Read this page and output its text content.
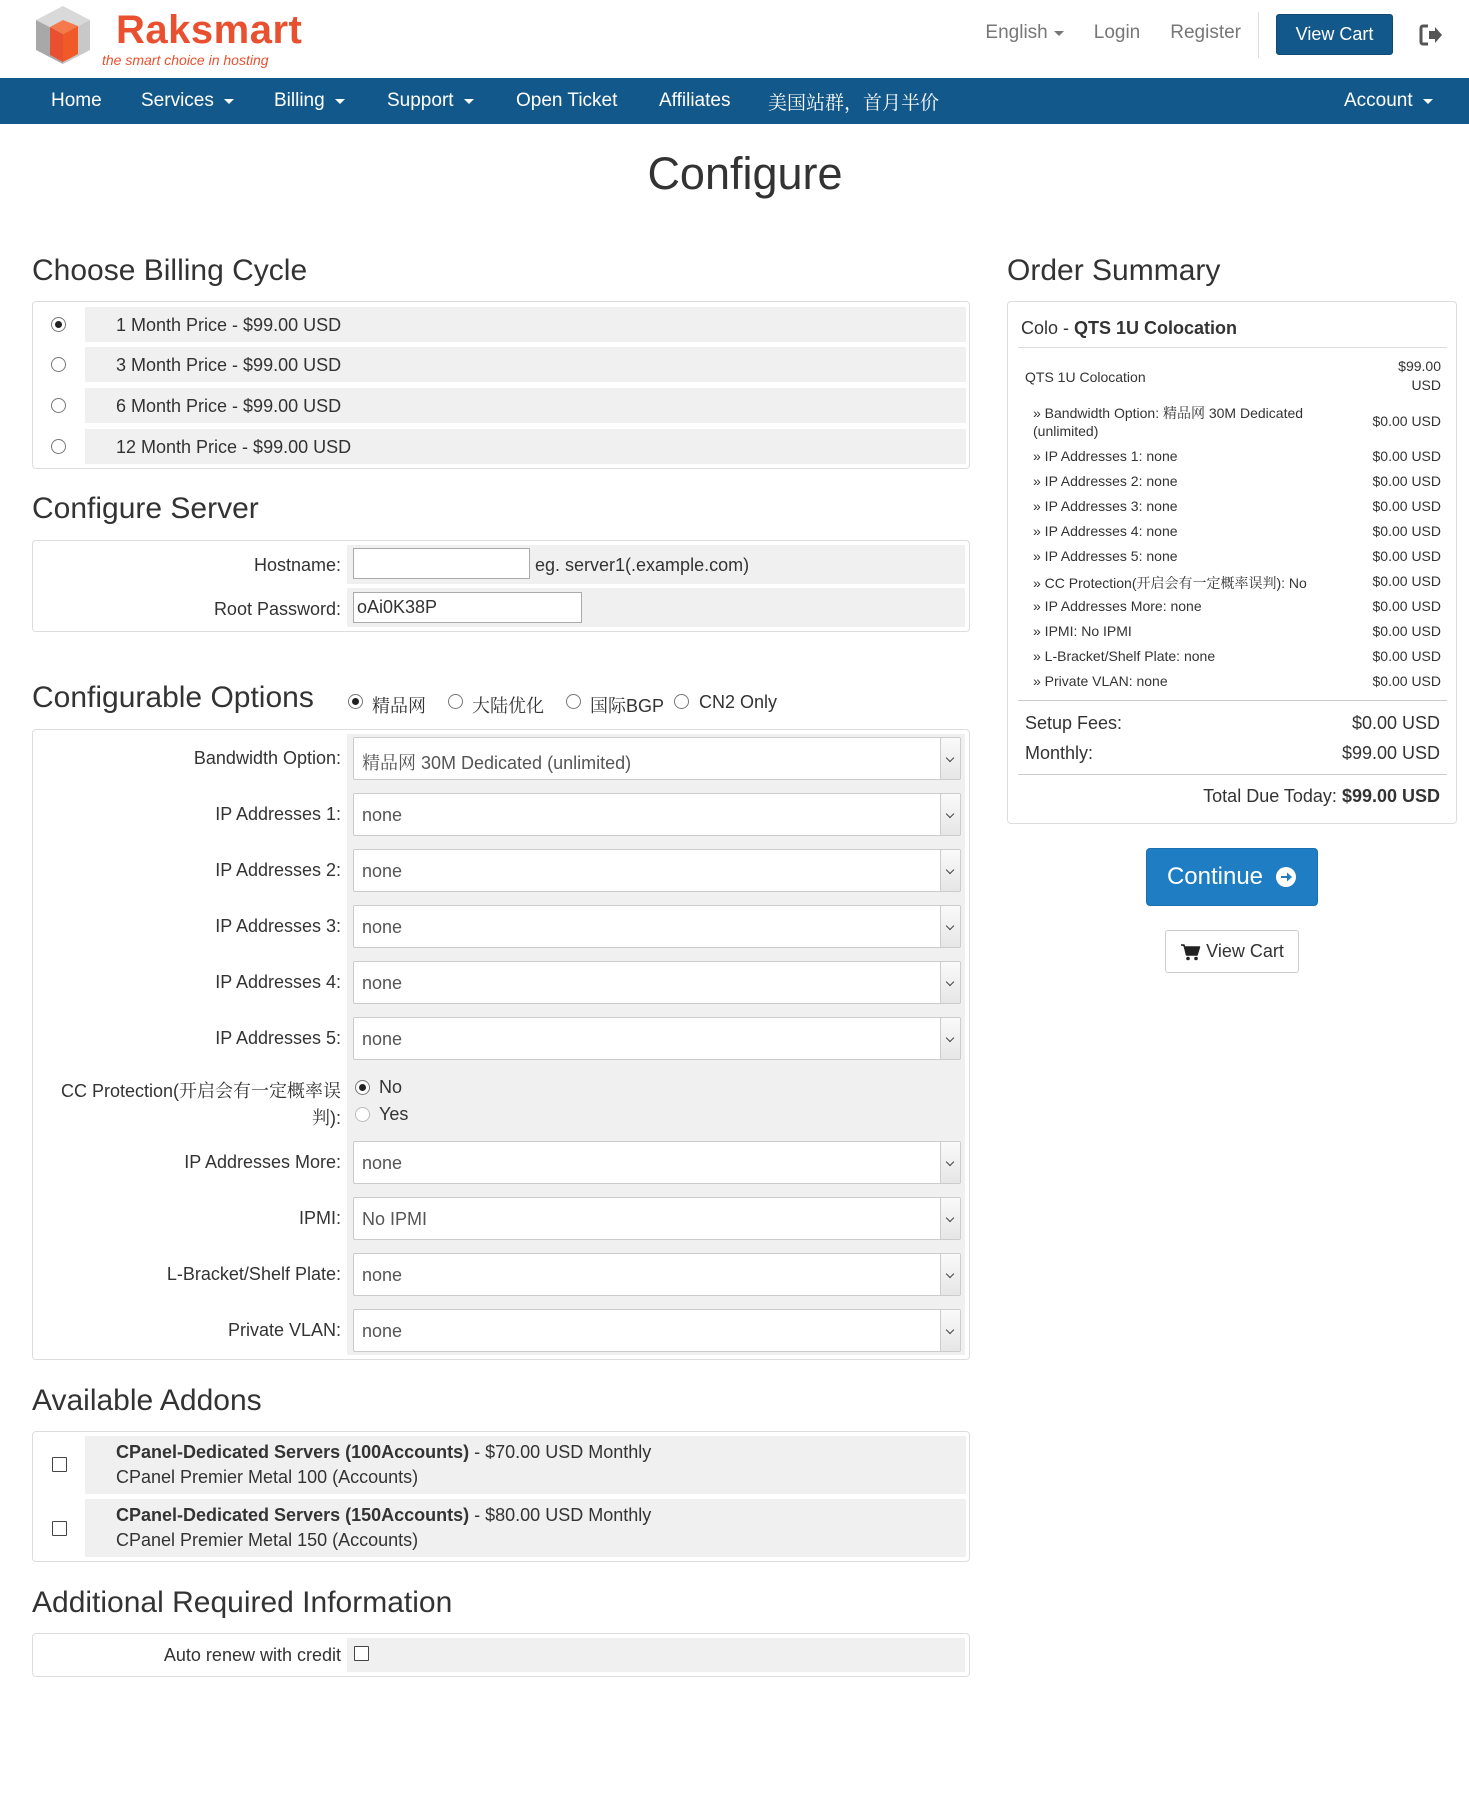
Raksmart
the smart choice in hosting
English Login Register	View Cart
Home Services	Billing	Support	Open Ticket Affiliates 美国站群，首月半价	Account
Configure
Choose Billing Cycle
1 Month Price - $99.00 USD
3 Month Price - $99.00 USD
6 Month Price - $99.00 USD
12 Month Price - $99.00 USD
Configure Server
Hostname:	eg. server1(.example.com)
Root Password:
oAi0K38P
Configurable Options	精品网	大陆优化	国际BGP CN2 Only
Bandwidth Option: 精品网 30M Dedicated (unlimited)
IP Addresses 1: none
IP Addresses 2: none
IP Addresses 3: none
IP Addresses 4: none
IP Addresses 5: none
CC Protection(开启会有一定概率误
判):
No
Yes
IP Addresses More: none
IPMI: No IPMI
L-Bracket/Shelf Plate: none
Private VLAN: none
Available Addons
CPanel-Dedicated Servers (100Accounts) - $70.00 USD Monthly
CPanel Premier Metal 100 (Accounts)
CPanel-Dedicated Servers (150Accounts) - $80.00 USD Monthly
CPanel Premier Metal 150 (Accounts)
Additional Required Information
Auto renew with credit
Order Summary
Colo - QTS 1U Colocation
QTS 1U Colocation
$99.00
USD
» Bandwidth Option: 精品网 30M Dedicated
(unlimited)
$0.00 USD
» IP Addresses 1: none	$0.00 USD
» IP Addresses 2: none	$0.00 USD
» IP Addresses 3: none	$0.00 USD
» IP Addresses 4: none	$0.00 USD
» IP Addresses 5: none	$0.00 USD
» CC Protection(开启会有一定概率误判): No	$0.00 USD
» IP Addresses More: none	$0.00 USD
» IPMI: No IPMI	$0.00 USD
» L-Bracket/Shelf Plate: none	$0.00 USD
» Private VLAN: none	$0.00 USD
Setup Fees:	$0.00 USD
Monthly:	$99.00 USD
Total Due Today: $99.00 USD
Continue
View Cart
